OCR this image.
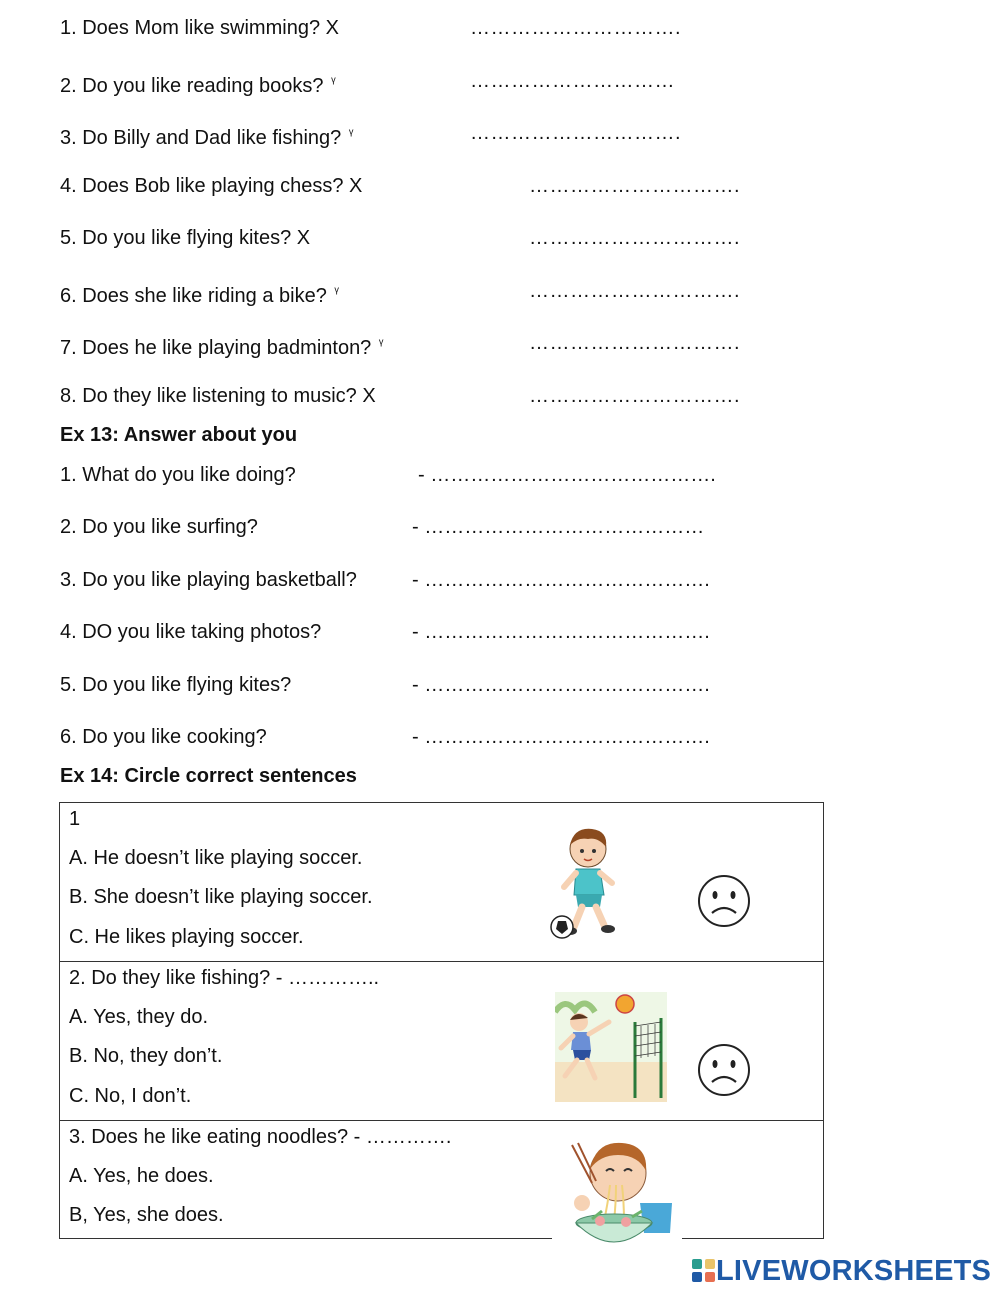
1. Does Mom like swimming? X	………………………….
2. Do you like reading books? $^ᵞ$	…………………………
3. Do Billy and Dad like fishing? $^ᵞ$	………………………….
4. Does Bob like playing chess? X	………………………….
5. Do you like flying kites? X	………………………….
6. Does she like riding a bike? $^ᵞ$	………………………….
7. Does he like playing badminton? $^ᵞ$	………………………….
8. Do they like listening to music? X	………………………….
Ex 13: Answer about you
1. What do you like doing?	- …………………………………….
2. Do you like surfing?	- ……………………………………
3. Do you like playing basketball?	- …………………………………….
4. DO you like taking photos?	- …………………………………….
5. Do you like flying kites?	- …………………………………….
6. Do you like cooking?	- …………………………………….
Ex 14: Circle correct sentences
1
A. He doesn’t like playing soccer.
B. She doesn’t like playing soccer.
C. He likes playing soccer.
2. Do they like fishing? - …………..
A. Yes, they do.
B. No, they don’t.
C. No, I don’t.
3. Does he like eating noodles? - ………….
A. Yes, he does.
B, Yes, she does.
LIVEWORKSHEETS
